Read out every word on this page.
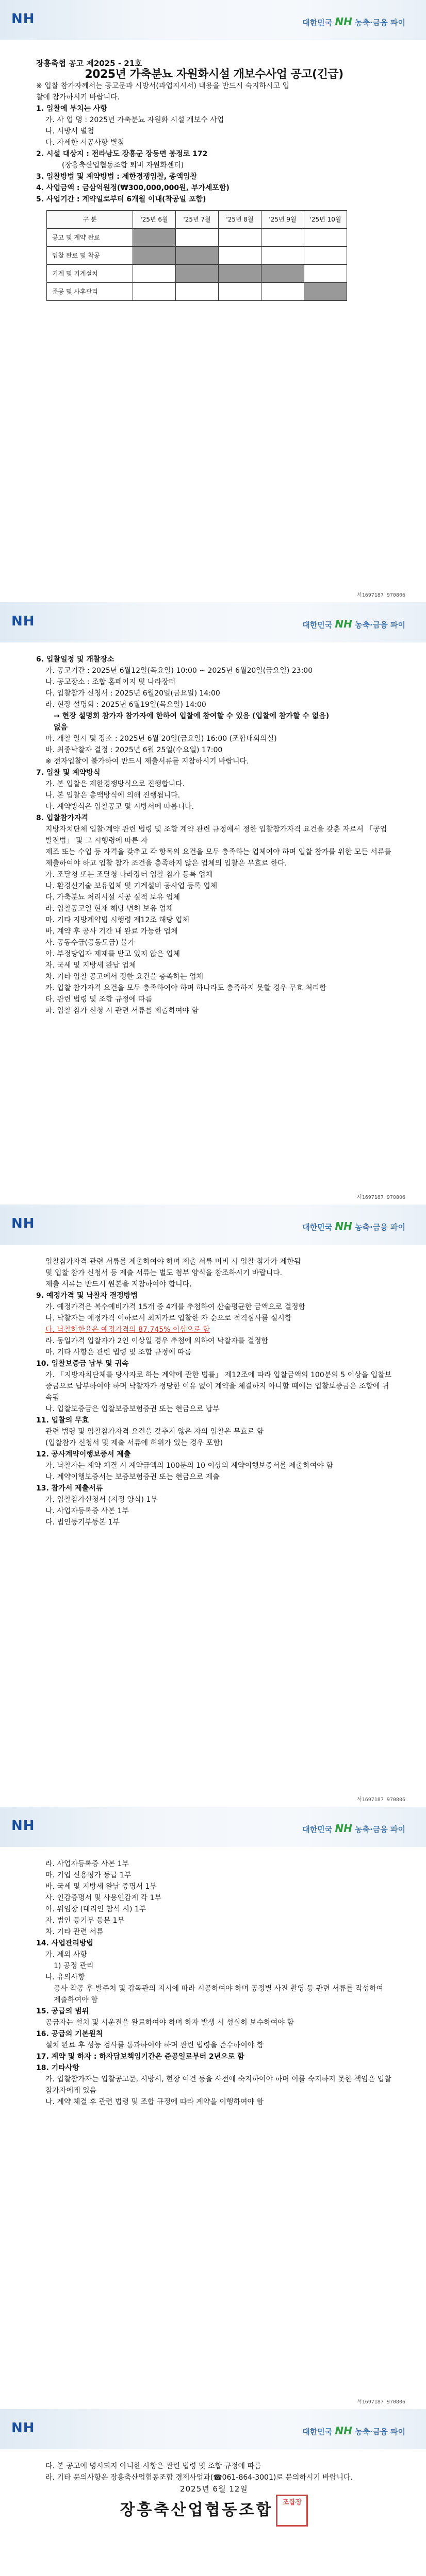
NH	대한민국 NH 농축·금융 파이

장흥축협 공고 제2025 - 21호

2025년 가축분뇨 자원화시설 개보수사업 공고(긴급)

※ 입찰 참가자께서는 공고문과 시방서(과업지시서) 내용을 반드시 숙지하시고 입

찰에 참가하시기 바랍니다.

1. 입찰에 부치는 사항

가. 사 업 명 : 2025년 가축분뇨 자원화 시설 개보수 사업

나. 시방서 별첨

다. 자세한 시공사항 별첨

2. 시설 대상지 : 전라남도 장흥군 장동면 봉정로 172

(장흥축산업협동조합 퇴비 자원화센터)

3. 입찰방법 및 계약방법 : 제한경쟁입찰, 총액입찰

4. 사업금액 : 금삼억원정(₩300,000,000원, 부가세포함)

5. 사업기간 : 계약일로부터 6개월 이내(착공일 포함)

구 분	'25년 6월	'25년 7월	'25년 8월	'25년 9월	'25년 10월
공고 및 계약 완료					
입찰 완료 및 착공					
기계 및 기계설치					
준공 및 사후관리					
서1697187 970806
NH	대한민국 NH 농축·금융 파이

6. 입찰일정 및 개찰장소

가. 공고기간 : 2025년 6월12일(목요일) 10:00 ~ 2025년 6월20일(금요일) 23:00

나. 공고장소 : 조합 홈페이지 및 나라장터

다. 입찰참가 신청서 : 2025년 6월20일(금요일) 14:00

라. 현장 설명회 : 2025년 6월19일(목요일) 14:00

→ 현장 설명회 참가자 참가자에 한하여 입찰에 참여할 수 있음 (입찰에 참가할 수 없음)

없음

마. 개찰 일시 및 장소 : 2025년 6월 20일(금요일) 16:00 (조합대회의실)

바. 최종낙찰자 결정 : 2025년 6월 25일(수요일) 17:00

※ 전자입찰이 불가하여 반드시 제출서류를 지참하시기 바랍니다.

7. 입찰 및 계약방식

가. 본 입찰은 제한경쟁방식으로 진행합니다.

나. 본 입찰은 총액방식에 의해 진행됩니다.

다. 계약방식은 입찰공고 및 시방서에 따릅니다.

8. 입찰참가자격

지방자치단체 입찰·계약 관련 법령 및 조합 계약 관련 규정에서 정한 입찰참가자격 요건을 갖춘 자로서 「공업발전법」 및 그 시행령에 따른 자

제조 또는 수입 등 자격을 갖추고 각 항목의 요건을 모두 충족하는 업체여야 하며 입찰 참가를 위한 모든 서류를 제출하여야 하고 입찰 참가 조건을 충족하지 않은 업체의 입찰은 무효로 한다.

가. 조달청 또는 조달청 나라장터 입찰 참가 등록 업체

나. 환경신기술 보유업체 및 기계설비 공사업 등록 업체

다. 가축분뇨 처리시설 시공 실적 보유 업체

라. 입찰공고일 현재 해당 면허 보유 업체

마. 기타 지방계약법 시행령 제12조 해당 업체

바. 계약 후 공사 기간 내 완료 가능한 업체

사. 공동수급(공동도급) 불가

아. 부정당업자 제재를 받고 있지 않은 업체

자. 국세 및 지방세 완납 업체

차. 기타 입찰 공고에서 정한 요건을 충족하는 업체

카. 입찰 참가자격 요건을 모두 충족하여야 하며 하나라도 충족하지 못할 경우 무효 처리함

타. 관련 법령 및 조합 규정에 따름

파. 입찰 참가 신청 시 관련 서류를 제출하여야 함

서1697187 970806
NH	대한민국 NH 농축·금융 파이

입찰참가자격 관련 서류를 제출하여야 하며 제출 서류 미비 시 입찰 참가가 제한됨

및 입찰 참가 신청서 등 제출 서류는 별도 첨부 양식을 참조하시기 바랍니다.

제출 서류는 반드시 원본을 지참하여야 합니다.

9. 예정가격 및 낙찰자 결정방법

가. 예정가격은 복수예비가격 15개 중 4개를 추첨하여 산술평균한 금액으로 결정함

나. 낙찰자는 예정가격 이하로서 최저가로 입찰한 자 순으로 적격심사를 실시함

다. 낙찰하한율은 예정가격의 87.745% 이상으로 함

라. 동일가격 입찰자가 2인 이상일 경우 추첨에 의하여 낙찰자를 결정함

마. 기타 사항은 관련 법령 및 조합 규정에 따름

10. 입찰보증금 납부 및 귀속

가. 「지방자치단체를 당사자로 하는 계약에 관한 법률」 제12조에 따라 입찰금액의 100분의 5 이상을 입찰보증금으로 납부하여야 하며 낙찰자가 정당한 이유 없이 계약을 체결하지 아니할 때에는 입찰보증금은 조합에 귀속됨

나. 입찰보증금은 입찰보증보험증권 또는 현금으로 납부

11. 입찰의 무효

관련 법령 및 입찰참가자격 요건을 갖추지 않은 자의 입찰은 무효로 함

(입찰참가 신청서 및 제출 서류에 허위가 있는 경우 포함)

12. 공사계약이행보증서 제출

가. 낙찰자는 계약 체결 시 계약금액의 100분의 10 이상의 계약이행보증서를 제출하여야 함

나. 계약이행보증서는 보증보험증권 또는 현금으로 제출

13. 참가서 제출서류

가. 입찰참가신청서 (지정 양식) 1부

나. 사업자등록증 사본 1부

다. 법인등기부등본 1부

서1697187 970806
NH	대한민국 NH 농축·금융 파이

라. 사업자등록증 사본 1부

마. 기업 신용평가 등급 1부

바. 국세 및 지방세 완납 증명서 1부

사. 인감증명서 및 사용인감계 각 1부

아. 위임장 (대리인 참석 시) 1부

자. 법인 등기부 등본 1부

차. 기타 관련 서류

14. 사업관리방법

가. 제외 사항

1) 공정 관리

나. 유의사항

공사 착공 후 발주처 및 감독관의 지시에 따라 시공하여야 하며 공정별 사진 촬영 등 관련 서류를 작성하여 제출하여야 함

15. 공급의 범위

공급자는 설치 및 시운전을 완료하여야 하며 하자 발생 시 성실히 보수하여야 함

16. 공급의 기본원칙

설치 완료 후 성능 검사를 통과하여야 하며 관련 법령을 준수하여야 함

17. 계약 및 하자 : 하자담보책임기간은 준공일로부터 2년으로 함

18. 기타사항

가. 입찰참가자는 입찰공고문, 시방서, 현장 여건 등을 사전에 숙지하여야 하며 이를 숙지하지 못한 책임은 입찰참가자에게 있음

나. 계약 체결 후 관련 법령 및 조합 규정에 따라 계약을 이행하여야 함

서1697187 970806
NH	대한민국 NH 농축·금융 파이

다. 본 공고에 명시되지 아니한 사항은 관련 법령 및 조합 규정에 따름

라. 기타 문의사항은 장흥축산업협동조합 경제사업과(☎061-864-3001)로 문의하시기 바랍니다.

2025년 6월 12일

장흥축산업협동조합 조합장
